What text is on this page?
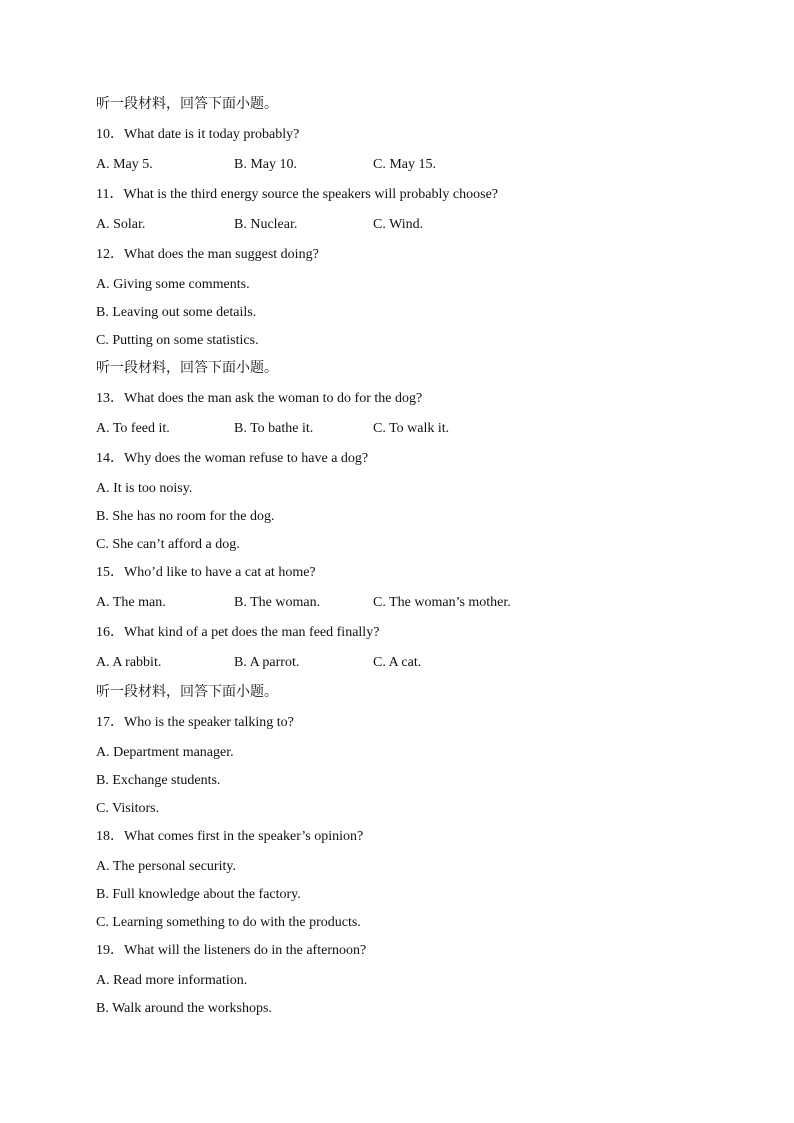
听一段材料，回答下面小题。
10．What date is it today probably?
A. May 5.	B. May 10.	C. May 15.
11．What is the third energy source the speakers will probably choose?
A. Solar.	B. Nuclear.	C. Wind.
12．What does the man suggest doing?
A. Giving some comments.
B. Leaving out some details.
C. Putting on some statistics.
听一段材料，回答下面小题。
13．What does the man ask the woman to do for the dog?
A. To feed it.	B. To bathe it.	C. To walk it.
14．Why does the woman refuse to have a dog?
A. It is too noisy.
B. She has no room for the dog.
C. She can’t afford a dog.
15．Who’d like to have a cat at home?
A. The man.	B. The woman.	C. The woman’s mother.
16．What kind of a pet does the man feed finally?
A. A rabbit.	B. A parrot.	C. A cat.
听一段材料，回答下面小题。
17．Who is the speaker talking to?
A. Department manager.
B. Exchange students.
C. Visitors.
18．What comes first in the speaker’s opinion?
A. The personal security.
B. Full knowledge about the factory.
C. Learning something to do with the products.
19．What will the listeners do in the afternoon?
A. Read more information.
B. Walk around the workshops.
